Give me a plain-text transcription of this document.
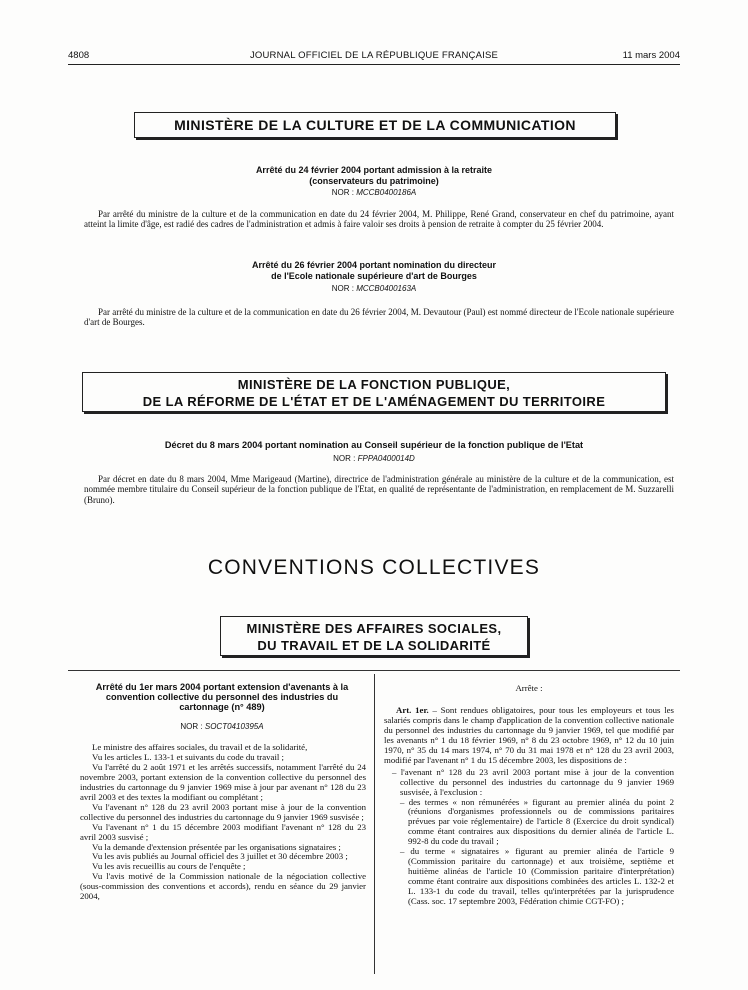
4808	JOURNAL OFFICIEL DE LA RÉPUBLIQUE FRANÇAISE	11 mars 2004
MINISTÈRE DE LA CULTURE ET DE LA COMMUNICATION
Arrêté du 24 février 2004 portant admission à la retraite
(conservateurs du patrimoine)
NOR : MCCB0400186A

Par arrêté du ministre de la culture et de la communication en date du 24 février 2004, M. Philippe, René Grand, conservateur en chef du patrimoine, ayant atteint la limite d'âge, est radié des cadres de l'administration et admis à faire valoir ses droits à pension de retraite à compter du 25 février 2004.

Arrêté du 26 février 2004 portant nomination du directeur
de l'Ecole nationale supérieure d'art de Bourges
NOR : MCCB0400163A

Par arrêté du ministre de la culture et de la communication en date du 26 février 2004, M. Devautour (Paul) est nommé directeur de l'Ecole nationale supérieure d'art de Bourges.

MINISTÈRE DE LA FONCTION PUBLIQUE,
DE LA RÉFORME DE L'ÉTAT ET DE L'AMÉNAGEMENT DU TERRITOIRE
Décret du 8 mars 2004 portant nomination au Conseil supérieur de la fonction publique de l'Etat
NOR : FPPA0400014D

Par décret en date du 8 mars 2004, Mme Marigeaud (Martine), directrice de l'administration générale au ministère de la culture et de la communication, est nommée membre titulaire du Conseil supérieur de la fonction publique de l'Etat, en qualité de représentante de l'administration, en remplacement de M. Suzzarelli (Bruno).

CONVENTIONS COLLECTIVES
MINISTÈRE DES AFFAIRES SOCIALES,
DU TRAVAIL ET DE LA SOLIDARITÉ
Arrêté du 1er mars 2004 portant extension d'avenants à la
convention collective du personnel des industries du
cartonnage (n° 489)
NOR : SOCT0410395A

Le ministre des affaires sociales, du travail et de la solidarité,

Vu les articles L. 133-1 et suivants du code du travail ;

Vu l'arrêté du 2 août 1971 et les arrêtés successifs, notamment l'arrêté du 24 novembre 2003, portant extension de la convention collective du personnel des industries du cartonnage du 9 janvier 1969 mise à jour par avenant n° 128 du 23 avril 2003 et des textes la modifiant ou complétant ;

Vu l'avenant n° 128 du 23 avril 2003 portant mise à jour de la convention collective du personnel des industries du cartonnage du 9 janvier 1969 susvisée ;

Vu l'avenant n° 1 du 15 décembre 2003 modifiant l'avenant n° 128 du 23 avril 2003 susvisé ;

Vu la demande d'extension présentée par les organisations signataires ;

Vu les avis publiés au Journal officiel des 3 juillet et 30 décembre 2003 ;

Vu les avis recueillis au cours de l'enquête ;

Vu l'avis motivé de la Commission nationale de la négociation collective (sous-commission des conventions et accords), rendu en séance du 29 janvier 2004,

Arrête :

Art. 1er. – Sont rendues obligatoires, pour tous les employeurs et tous les salariés compris dans le champ d'application de la convention collective nationale du personnel des industries du cartonnage du 9 janvier 1969, tel que modifié par les avenants n° 1 du 18 février 1969, n° 8 du 23 octobre 1969, n° 12 du 10 juin 1970, n° 35 du 14 mars 1974, n° 70 du 31 mai 1978 et n° 128 du 23 avril 2003, modifié par l'avenant n° 1 du 15 décembre 2003, les dispositions de :

– l'avenant n° 128 du 23 avril 2003 portant mise à jour de la convention collective du personnel des industries du cartonnage du 9 janvier 1969 susvisée, à l'exclusion :
– des termes « non rémunérées » figurant au premier alinéa du point 2 (réunions d'organismes professionnels ou de commissions paritaires prévues par voie réglementaire) de l'article 8 (Exercice du droit syndical) comme étant contraires aux dispositions du dernier alinéa de l'article L. 992-8 du code du travail ;
– du terme « signataires » figurant au premier alinéa de l'article 9 (Commission paritaire du cartonnage) et aux troisième, septième et huitième alinéas de l'article 10 (Commission paritaire d'interprétation) comme étant contraire aux dispositions combinées des articles L. 132-2 et L. 133-1 du code du travail, telles qu'interprétées par la jurisprudence (Cass. soc. 17 septembre 2003, Fédération chimie CGT-FO) ;
